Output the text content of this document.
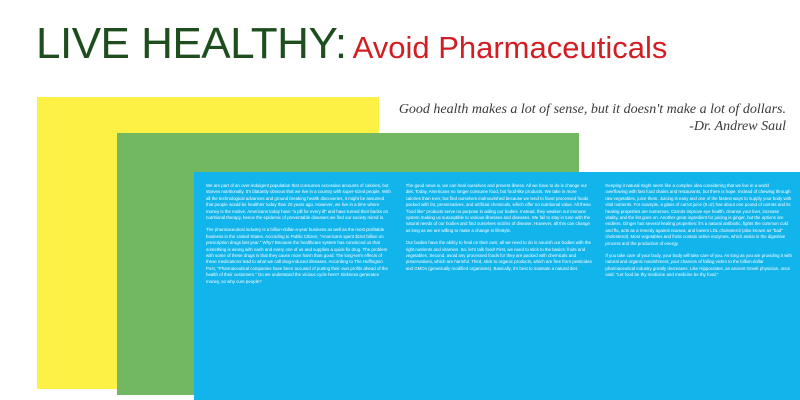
LIVE HEALTHY: Avoid Pharmaceuticals
Good health makes a lot of sense, but it doesn't make a lot of dollars.
-Dr. Andrew Saul

We are part of an over-indulgent population that consumes excessive amounts of calories, but starves nutritionally. It's blatantly obvious that we live in a country with super-sized people. With all the technological advances and ground breaking health discoveries, it might be assumed that people would be healthier today than 20 years ago. However, we live in a time where money is the motive. Americans today have "a pill for every ill" and have turned their backs on nutritional therapy, hence the epidemic of preventable diseases we find our society mired in.

The pharmaceutical industry is a billion-dollar-a-year business as well as the most profitable business in the United States. According to Public Citizen, "Americans spent $154 billion on prescription drugs last year." Why? Because the healthcare system has convinced us that something is wrong with each and every one of us and supplies a quick-fix drug. The problem with some of these drugs is that they cause more harm than good. The long-term effects of these medications lead to what we call drug-induced diseases. According to The Huffington Post, "Pharmaceutical companies have been accused of putting their own profits ahead of the health of their customers." Do we understand the vicious cycle here? Sickness generates money, so why cure people?

The good news is, we can heal ourselves and prevent illness. All we have to do is change our diet. Today, Americans no longer consume food, but food-like products. We take in more calories than ever, but find ourselves malnourished because we tend to favor processed foods packed with fat, preservatives, and artificial chemicals, which offer no nutritional value. All these "food like" products serve no purpose in aiding our bodies. Instead, they weaken our immune system making us susceptible to various illnesses and diseases. We fail to stay in tune with the natural needs of our bodies and find ourselves victims of disease. However, all this can change as long as we are willing to make a change in lifestyle.

Our bodies have the ability to heal on their own; all we need to do is nourish our bodies with the right nutrients and vitamins. So, let's talk food! First, we need to stick to the basics: fruits and vegetables. Second, avoid any processed foods for they are packed with chemicals and preservatives, which are harmful. Third, stick to organic products, which are free from pesticides and GMOs (genetically modified organisms). Basically, it's best to maintain a natural diet.

Keeping it natural might seem like a complex idea considering that we live in a world overflowing with fast food chains and restaurants, but there is hope. Instead of chewing through raw vegetables, juice them. Juicing is easy and one of the fastest ways to supply your body with vital nutrients. For example, a glass of carrot juice (8 oz) has about one pound of carrots and its healing properties are numerous. Carrots improve eye health, cleanse your liver, increase vitality, and the list goes on. Another great ingredient for juicing is ginger, but the options are endless. Ginger has several healing properties: it's a natural antibiotic, fights the common cold and flu, acts as a remedy against nausea, and lowers LDL cholesterol (also known as "bad" cholesterol). Most vegetables and fruits contain active enzymes, which assist in the digestive process and the production of energy.

If you take care of your body, your body will take care of you. As long as you are providing it with natural and organic nourishment, your chances of falling victim to the billion-dollar pharmaceutical industry greatly decreases. Like Hippocrates, an ancient Greek physician, once said: "Let food be thy medicine and medicine be thy food."
